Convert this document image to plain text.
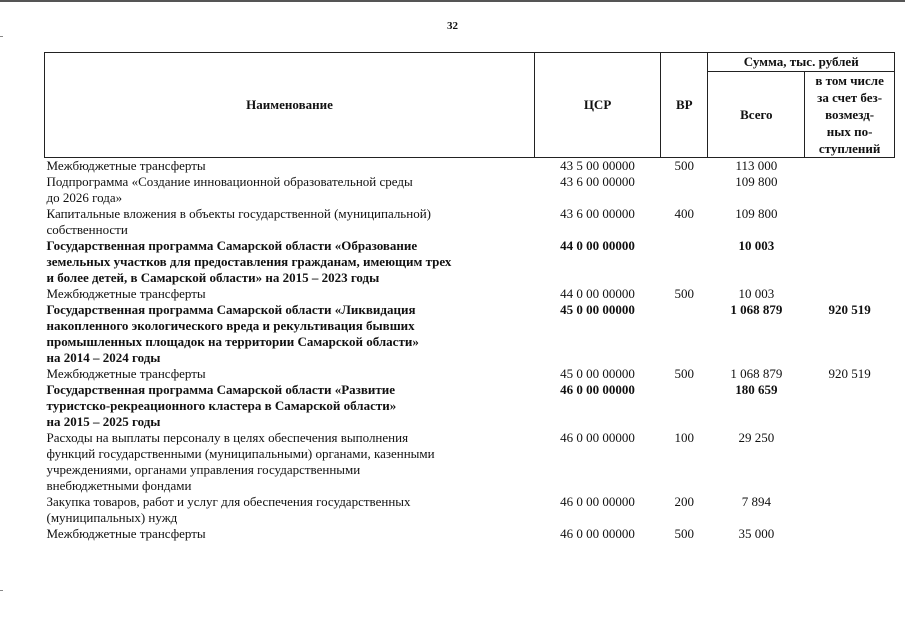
32
Наименование	ЦСР	ВР	Сумма, тыс. рублей	
			Всего	в том числе
за счет без-
возмезд-
ных по-
ступлений

Межбюджетные трансферты	43 5 00 00000	500	113 000	

Подпрограмма «Создание инновационной образовательной среды
до 2026 года»	43 6 00 00000		109 800	

Капитальные вложения в объекты государственной (муниципальной)
собственности	43 6 00 00000	400	109 800	

Государственная программа Самарской области «Образование
земельных участков для предоставления гражданам, имеющим трех
и более детей, в Самарской области» на 2015 – 2023 годы	44 0 00 00000		10 003	

Межбюджетные трансферты	44 0 00 00000	500	10 003	

Государственная программа Самарской области «Ликвидация
накопленного экологического вреда и рекультивация бывших
промышленных площадок на территории Самарской области»
на 2014 – 2024 годы	45 0 00 00000		1 068 879	920 519

Межбюджетные трансферты	45 0 00 00000	500	1 068 879	920 519

Государственная программа Самарской области «Развитие
туристско-рекреационного кластера в Самарской области»
на 2015 – 2025 годы	46 0 00 00000		180 659	

Расходы на выплаты персоналу в целях обеспечения выполнения
функций государственными (муниципальными) органами, казенными
учреждениями, органами управления государственными
внебюджетными фондами	46 0 00 00000	100	29 250	

Закупка товаров, работ и услуг для обеспечения государственных
(муниципальных) нужд	46 0 00 00000	200	7 894	

Межбюджетные трансферты	46 0 00 00000	500	35 000	
